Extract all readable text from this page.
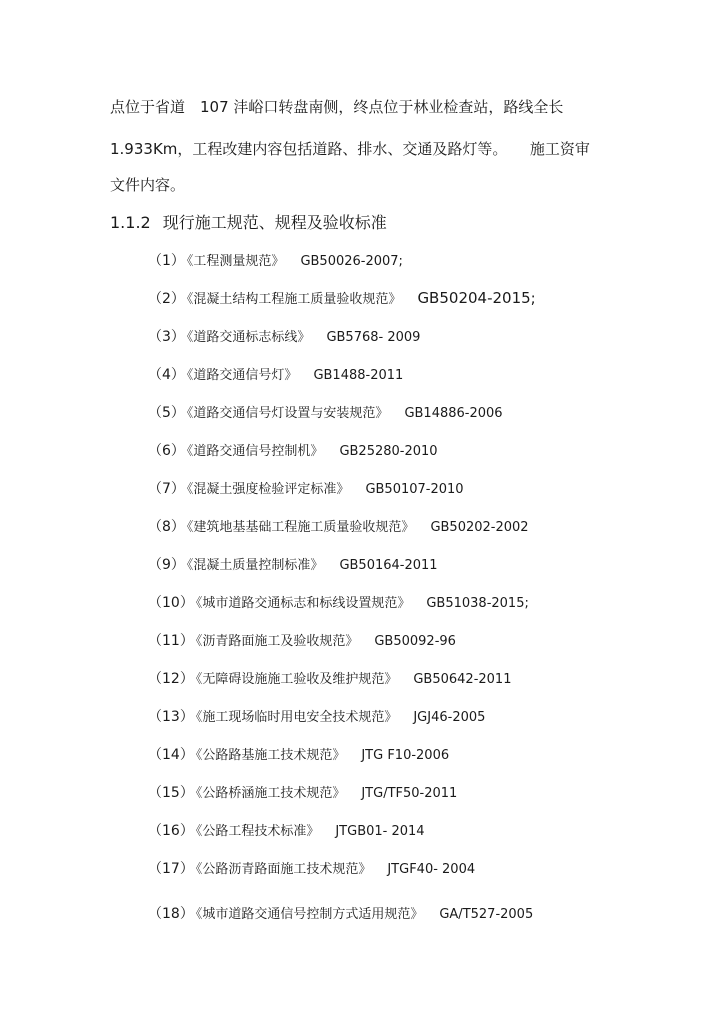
点位于省道　107 沣峪口转盘南侧，终点位于林业检查站，路线全长
1.933Km，工程改建内容包括道路、排水、交通及路灯等。　　施工资审
文件内容。
1.1.2 现行施工规范、规程及验收标准
（1） 《工程测量规范》 GB50026-2007;
（2） 《混凝土结构工程施工质量验收规范》 GB50204-2015;
（3） 《道路交通标志标线》 GB5768- 2009
（4） 《道路交通信号灯》 GB1488-2011
（5） 《道路交通信号灯设置与安装规范》 GB14886-2006
（6） 《道路交通信号控制机》 GB25280-2010
（7） 《混凝土强度检验评定标准》 GB50107-2010
（8） 《建筑地基基础工程施工质量验收规范》 GB50202-2002
（9） 《混凝土质量控制标准》 GB50164-2011
（10） 《城市道路交通标志和标线设置规范》 GB51038-2015;
（11） 《沥青路面施工及验收规范》 GB50092-96
（12） 《无障碍设施施工验收及维护规范》 GB50642-2011
（13） 《施工现场临时用电安全技术规范》 JGJ46-2005
（14） 《公路路基施工技术规范》 JTG F10-2006
（15） 《公路桥涵施工技术规范》 JTG/TF50-2011
（16） 《公路工程技术标准》 JTGB01- 2014
（17） 《公路沥青路面施工技术规范》 JTGF40- 2004
（18） 《城市道路交通信号控制方式适用规范》 GA/T527-2005
